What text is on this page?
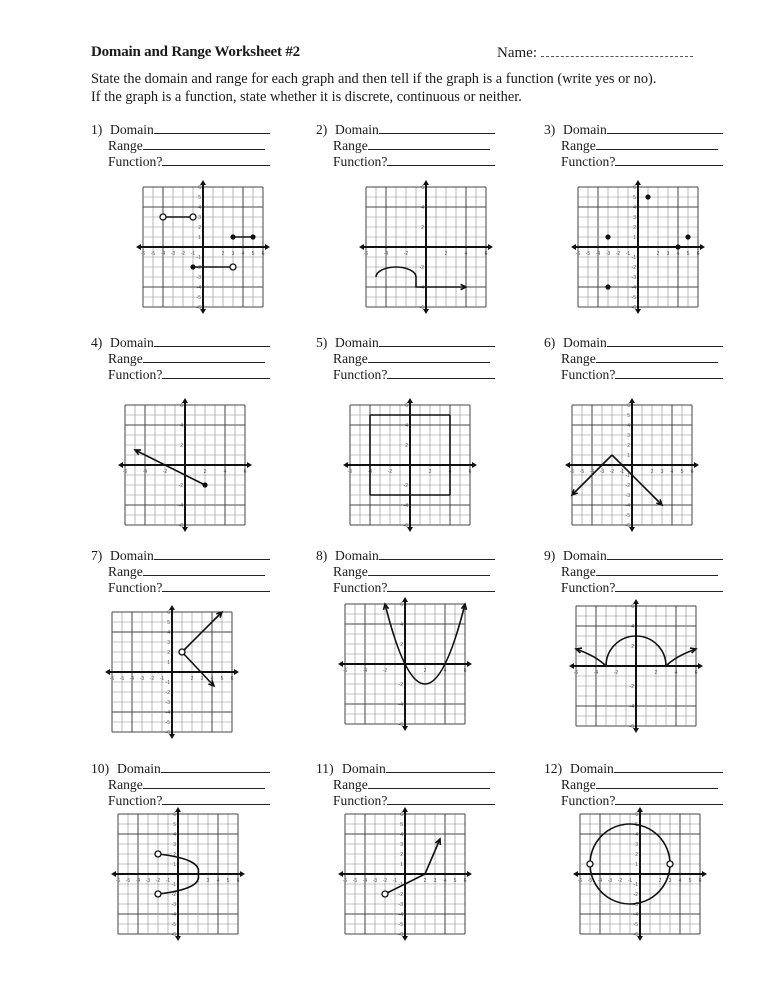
Domain and Range Worksheet #2	Name:
State the domain and range for each graph and then tell if the graph is a function (write yes or no).
If the graph is a function, state whether it is discrete, continuous or neither.
1) Domain
Range
Function?
2) Domain
Range
Function?
3) Domain
Range
Function?
4) Domain
Range
Function?
5) Domain
Range
Function?
6) Domain
Range
Function?
7) Domain
Range
Function?
8) Domain
Range
Function?
9) Domain
Range
Function?
10) Domain
Range
Function?
11) Domain
Range
Function?
12) Domain
Range
Function?
-6 -5 -4 -3 -2 -1	2 3 4 5 6
6
5
4
3
2
1
-1
-2
-3
-4
-5
-6
-6	-4	-2	2	4	6
6
4
2
-2
-4
-6
-6 -5 -4 -3 -2 -1	2 3 4 5 6
6
5
4
3
2
1
-1
-2
-3
-4
-5
-6
-6	-4	-2	2	4	6
6
4
2
-2
-4
-6
-6	-4	-2	2	4	6
6
4
2
-2
-4
-6
-6 -5 -4 -3 -2 -1	2 3 4 5 6
6
5
4
3
2
1
-1
-2
-3
-4
-5
-6
-6 -5 -4 -3 -2 -1	2 3 4 5 6
6
5
4
3
2
1
-1
-2
-3
-4
-5
-6
-6	-4	-2	2	4	6
6
4
2
-2
-4
-6
-6	-4	-2	2	4	6
6
4
2
-2
-4
-6
-6 -5 -4 -3 -2 -1	2 3 4 5 6
6
5
4
3
2
1
-1
-2
-3
-4
-5
-6
-6 -5 -4 -3 -2 -1	2 3 4 5 6
6
5
4
3
2
1
-1
-2
-3
-4
-5
-6
-6 -5 -4 -3 -2 -1	2 3 4 5 6
6
5
4
3
2
1
-1
-2
-3
-4
-5
-6
